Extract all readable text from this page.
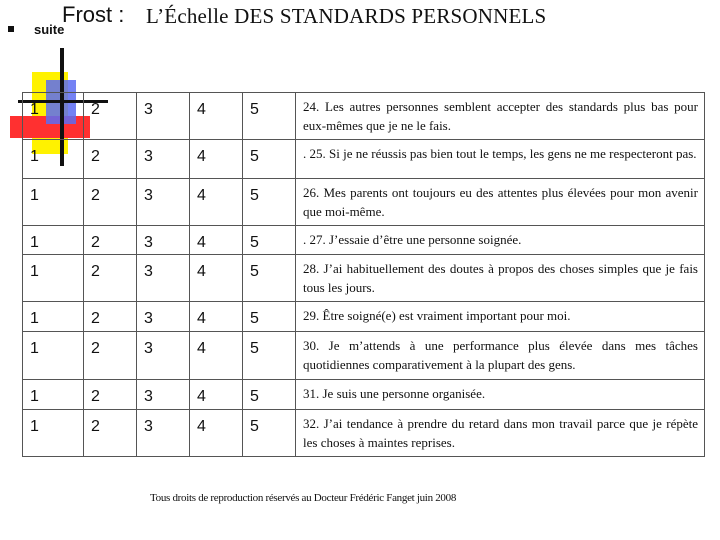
Frost : L’Échelle DES STANDARDS PERSONNELS
suite
1	2	3	4	5	24. Les autres personnes semblent accepter des standards plus bas pour eux-mêmes que je ne le fais.
1	2	3	4	5	. 25. Si je ne réussis pas bien tout le temps, les gens ne me respecteront pas.
1	2	3	4	5	26. Mes parents ont toujours eu des attentes plus élevées pour mon avenir que moi-même.
1	2	3	4	5	. 27. J’essaie d’être une personne soignée.
1	2	3	4	5	28. J’ai habituellement des doutes à propos des choses simples que je fais tous les jours.
1	2	3	4	5	29. Être soigné(e) est vraiment important pour moi.
1	2	3	4	5	30. Je m’attends à une performance plus élevée dans mes tâches quotidiennes comparativement à la plupart des gens.
1	2	3	4	5	31. Je suis une personne organisée.
1	2	3	4	5	32. J’ai tendance à prendre du retard dans mon travail parce que je répète les choses à maintes reprises.
Tous droits de reproduction réservés au Docteur Frédéric Fanget juin 2008
